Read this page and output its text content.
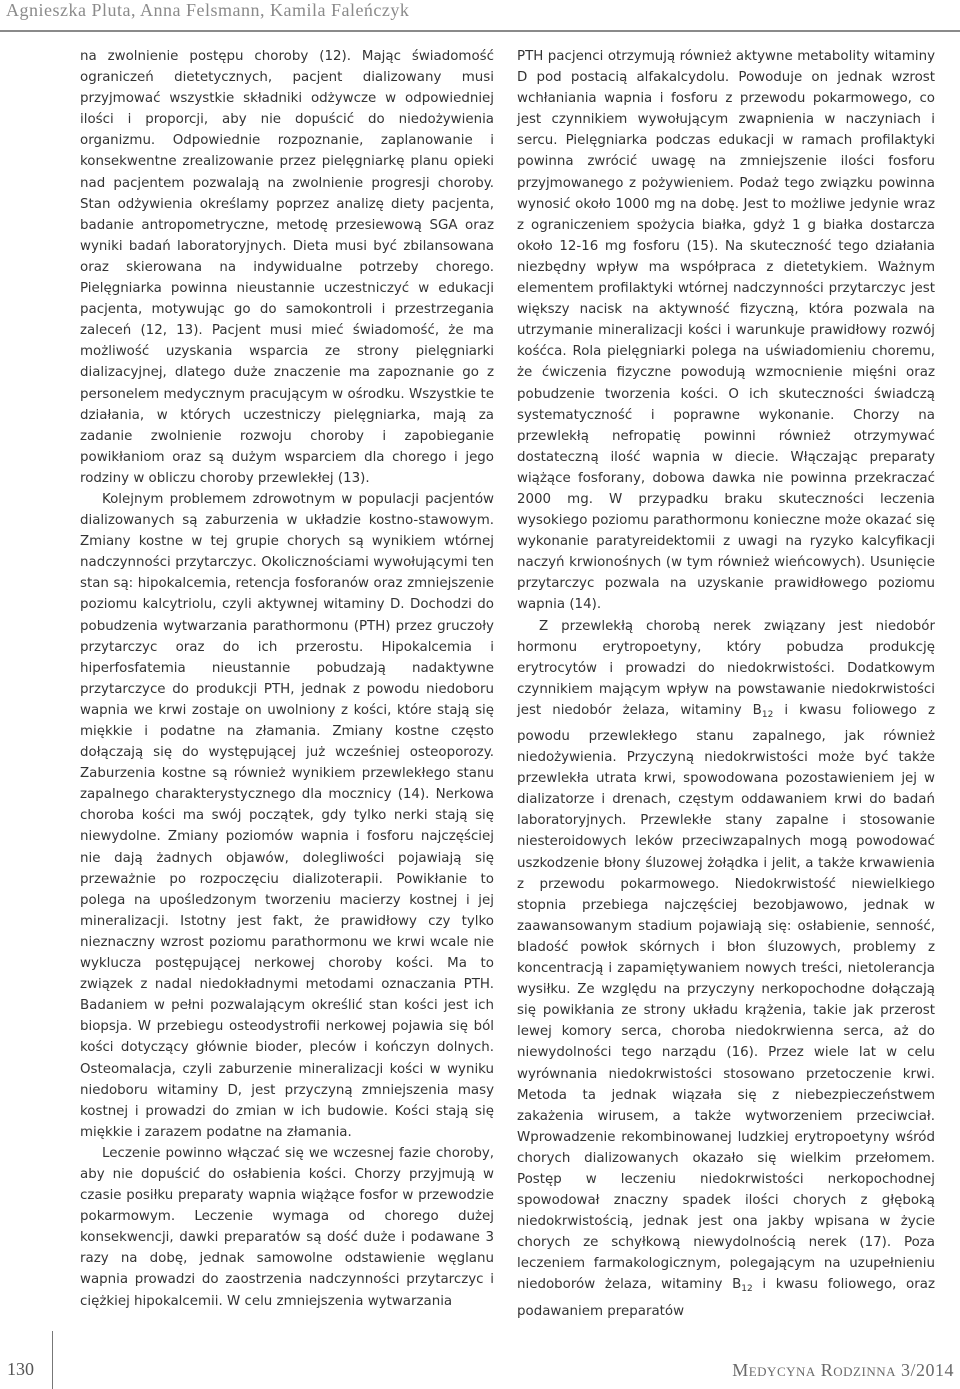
Agnieszka Pluta, Anna Felsmann, Kamila Falеńczyk

na zwolnienie postępu choroby (12). Mając świadomość ograniczeń dietetycznych, pacjent dializowany musi przyjmować wszystkie składniki odżywcze w odpowiedniej ilości i proporcji, aby nie dopuścić do niedożywienia organizmu. Odpowiednie rozpoznanie, zaplanowanie i konsekwentne zrealizowanie przez pielęgniarkę planu opieki nad pacjentem pozwalają na zwolnienie progresji choroby. Stan odżywienia określamy poprzez analizę diety pacjenta, badanie antropometryczne, metodę przesiewową SGA oraz wyniki badań laboratoryjnych. Dieta musi być zbilansowana oraz skierowana na indywidualne potrzeby chorego. Pielęgniarka powinna nieustannie uczestniczyć w edukacji pacjenta, motywując go do samokontroli i przestrzegania zaleceń (12, 13). Pacjent musi mieć świadomość, że ma możliwość uzyskania wsparcia ze strony pielęgniarki dializacyjnej, dlatego duże znaczenie ma zapoznanie go z personelem medycznym pracującym w ośrodku. Wszystkie te działania, w których uczestniczy pielęgniarka, mają za zadanie zwolnienie rozwoju choroby i zapobieganie powikłaniom oraz są dużym wsparciem dla chorego i jego rodziny w obliczu choroby przewlekłej (13).

Kolejnym problemem zdrowotnym w populacji pacjentów dializowanych są zaburzenia w układzie kostno-stawowym. Zmiany kostne w tej grupie chorych są wynikiem wtórnej nadczynności przytarczyc. Okolicznościami wywołującymi ten stan są: hipokalcemia, retencja fosforanów oraz zmniejszenie poziomu kalcytriolu, czyli aktywnej witaminy D. Dochodzi do pobudzenia wytwarzania parathormonu (PTH) przez gruczoły przytarczyc oraz do ich przerostu. Hipokalcemia i hiperfosfatemia nieustannie pobudzają nadaktywne przytarczyce do produkcji PTH, jednak z powodu niedoboru wapnia we krwi zostaje on uwolniony z kości, które stają się miękkie i podatne na złamania. Zmiany kostne często dołączają się do występującej już wcześniej osteoporozy. Zaburzenia kostne są również wynikiem przewlekłego stanu zapalnego charakterystycznego dla mocznicy (14). Nerkowa choroba kości ma swój początek, gdy tylko nerki stają się niewydolne. Zmiany poziomów wapnia i fosforu najczęściej nie dają żadnych objawów, dolegliwości pojawiają się przeważnie po rozpoczęciu dializoterapii. Powikłanie to polega na upośledzonym tworzeniu macierzy kostnej i jej mineralizacji. Istotny jest fakt, że prawidłowy czy tylko nieznaczny wzrost poziomu parathormonu we krwi wcale nie wyklucza postępującej nerkowej choroby kości. Ma to związek z nadal niedokładnymi metodami oznaczania PTH. Badaniem w pełni pozwalającym określić stan kości jest ich biopsja. W przebiegu osteodystrofii nerkowej pojawia się ból kości dotyczący głównie bioder, pleców i kończyn dolnych. Osteomalacja, czyli zaburzenie mineralizacji kości w wyniku niedoboru witaminy D, jest przyczyną zmniejszenia masy kostnej i prowadzi do zmian w ich budowie. Kości stają się miękkie i zarazem podatne na złamania.

Leczenie powinno włączać się we wczesnej fazie choroby, aby nie dopuścić do osłabienia kości. Chorzy przyjmują w czasie posiłku preparaty wapnia wiążące fosfor w przewodzie pokarmowym. Leczenie wymaga od chorego dużej konsekwencji, dawki preparatów są dość duże i podawane 3 razy na dobę, jednak samowolne odstawienie węglanu wapnia prowadzi do zaostrzenia nadczynności przytarczyc i ciężkiej hipokalcemii. W celu zmniejszenia wytwarzania

PTH pacjenci otrzymują również aktywne metabolity witaminy D pod postacią alfakalcydolu. Powoduje on jednak wzrost wchłaniania wapnia i fosforu z przewodu pokarmowego, co jest czynnikiem wywołującym zwapnienia w naczyniach i sercu. Pielęgniarka podczas edukacji w ramach profilaktyki powinna zwrócić uwagę na zmniejszenie ilości fosforu przyjmowanego z pożywieniem. Podaż tego związku powinna wynosić około 1000 mg na dobę. Jest to możliwe jedynie wraz z ograniczeniem spożycia białka, gdyż 1 g białka dostarcza około 12-16 mg fosforu (15). Na skuteczność tego działania niezbędny wpływ ma współpraca z dietetykiem. Ważnym elementem profilaktyki wtórnej nadczynności przytarczyc jest większy nacisk na aktywność fizyczną, która pozwala na utrzymanie mineralizacji kości i warunkuje prawidłowy rozwój kośćca. Rola pielęgniarki polega na uświadomieniu choremu, że ćwiczenia fizyczne powodują wzmocnienie mięśni oraz pobudzenie tworzenia kości. O ich skuteczności świadczą systematyczność i poprawne wykonanie. Chorzy na przewlekłą nefropatię powinni również otrzymywać dostateczną ilość wapnia w diecie. Włączając preparaty wiążące fosforany, dobowa dawka nie powinna przekraczać 2000 mg. W przypadku braku skuteczności leczenia wysokiego poziomu parathormonu konieczne może okazać się wykonanie paratyreidektomii z uwagi na ryzyko kalcyfikacji naczyń krwionośnych (w tym również wieńcowych). Usunięcie przytarczyc pozwala na uzyskanie prawidłowego poziomu wapnia (14).

Z przewlekłą chorobą nerek związany jest niedobór hormonu erytropoetyny, który pobudza produkcję erytrocytów i prowadzi do niedokrwistości. Dodatkowym czynnikiem mającym wpływ na powstawanie niedokrwistości jest niedobór żelaza, witaminy $B_{12}$ i kwasu foliowego z powodu przewlekłego stanu zapalnego, jak również niedożywienia. Przyczyną niedokrwistości może być także przewlekła utrata krwi, spowodowana pozostawieniem jej w dializatorze i drenach, częstym oddawaniem krwi do badań laboratoryjnych. Przewlekłe stany zapalne i stosowanie niesteroidowych leków przeciwzapalnych mogą powodować uszkodzenie błony śluzowej żołądka i jelit, a także krwawienia z przewodu pokarmowego. Niedokrwistość niewielkiego stopnia przebiega najczęściej bezobjawowo, jednak w zaawansowanym stadium pojawiają się: osłabienie, senność, bladość powłok skórnych i błon śluzowych, problemy z koncentracją i zapamiętywaniem nowych treści, nietolerancja wysiłku. Ze względu na przyczyny nerkopochodne dołączają się powikłania ze strony układu krążenia, takie jak przerost lewej komory serca, choroba niedokrwienna serca, aż do niewydolności tego narządu (16). Przez wiele lat w celu wyrównania niedokrwistości stosowano przetoczenie krwi. Metoda ta jednak wiązała się z niebezpieczeństwem zakażenia wirusem, a także wytworzeniem przeciwciał. Wprowadzenie rekombinowanej ludzkiej erytropoetyny wśród chorych dializowanych okazało się wielkim przełomem. Postęp w leczeniu niedokrwistości nerkopochodnej spowodował znaczny spadek ilości chorych z głęboką niedokrwistością, jednak jest ona jakby wpisana w życie chorych ze schyłkową niewydolnością nerek (17). Poza leczeniem farmakologicznym, polegającym na uzupełnieniu niedoborów żelaza, witaminy $B_{12}$ i kwasu foliowego, oraz podawaniem preparatów

130	Medycyna Rodzinna 3/2014
